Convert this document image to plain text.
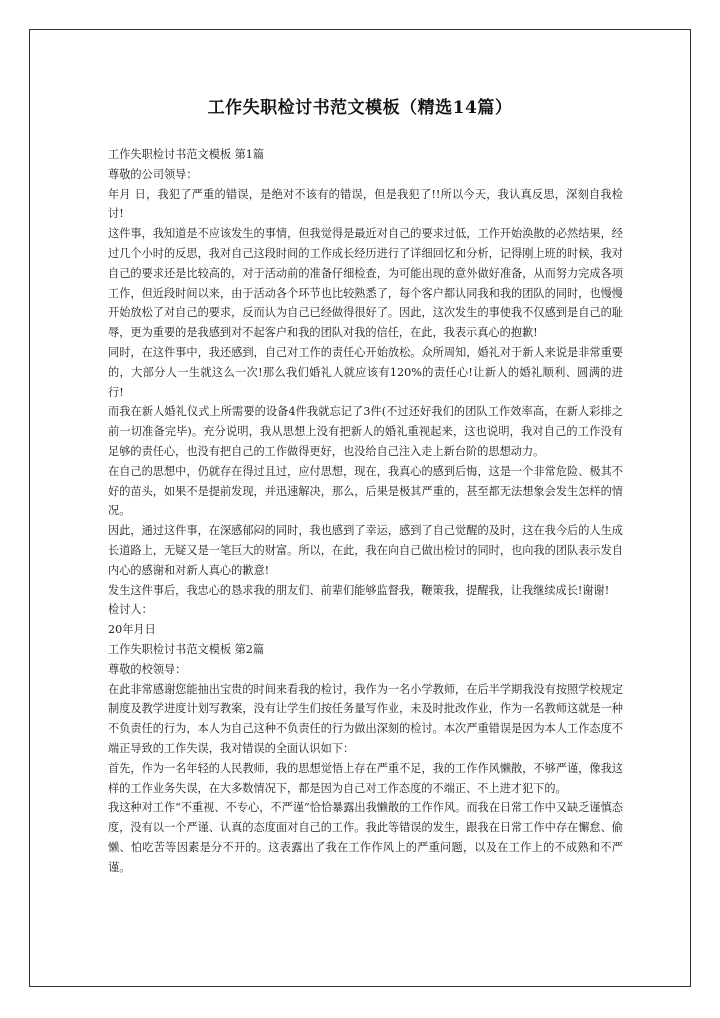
工作失职检讨书范文模板（精选14篇）

工作失职检讨书范文模板 第1篇

尊敬的公司领导：

年月 日，我犯了严重的错误，是绝对不该有的错误，但是我犯了!!所以今天，我认真反思，深刻自我检讨!

这件事，我知道是不应该发生的事情，但我觉得是最近对自己的要求过低，工作开始涣散的必然结果，经过几个小时的反思，我对自己这段时间的工作成长经历进行了详细回忆和分析，记得刚上班的时候，我对自己的要求还是比较高的，对于活动前的准备仔细检查，为可能出现的意外做好准备，从而努力完成各项工作，但近段时间以来，由于活动各个环节也比较熟悉了，每个客户都认同我和我的团队的同时，也慢慢开始放松了对自己的要求，反而认为自己已经做得很好了。因此，这次发生的事使我不仅感到是自己的耻辱，更为重要的是我感到对不起客户和我的团队对我的信任，在此，我表示真心的抱歉!

同时，在这件事中，我还感到，自己对工作的责任心开始放松。众所周知，婚礼对于新人来说是非常重要的，大部分人一生就这么一次!那么我们婚礼人就应该有120%的责任心!让新人的婚礼顺利、圆满的进行!

而我在新人婚礼仪式上所需要的设备4件我就忘记了3件(不过还好我们的团队工作效率高，在新人彩排之前一切准备完毕)。充分说明，我从思想上没有把新人的婚礼重视起来，这也说明，我对自己的工作没有足够的责任心，也没有把自己的工作做得更好，也没给自己注入走上新台阶的思想动力。

在自己的思想中，仍就存在得过且过，应付思想，现在，我真心的感到后悔，这是一个非常危险、极其不好的苗头，如果不是提前发现，并迅速解决，那么，后果是极其严重的，甚至都无法想象会发生怎样的情况。

因此，通过这件事，在深感郁闷的同时，我也感到了幸运，感到了自己觉醒的及时，这在我今后的人生成长道路上，无疑又是一笔巨大的财富。所以，在此，我在向自己做出检讨的同时，也向我的团队表示发自内心的感谢和对新人真心的歉意!

发生这件事后，我忠心的恳求我的朋友们、前辈们能够监督我，鞭策我，提醒我，让我继续成长!谢谢!

检讨人：

20年月日

工作失职检讨书范文模板 第2篇

尊敬的校领导：

在此非常感谢您能抽出宝贵的时间来看我的检讨，我作为一名小学教师，在后半学期我没有按照学校规定制度及教学进度计划写教案，没有让学生们按任务量写作业，未及时批改作业，作为一名教师这就是一种不负责任的行为，本人为自己这种不负责任的行为做出深刻的检讨。本次严重错误是因为本人工作态度不端正导致的工作失误，我对错误的全面认识如下：

首先，作为一名年轻的人民教师，我的思想觉悟上存在严重不足，我的工作作风懒散，不够严谨，像我这样的工作业务失误，在大多数情况下，都是因为自己对工作态度的不端正、不上进才犯下的。

我这种对工作“不重视、不专心，不严谨”恰恰暴露出我懒散的工作作风。而我在日常工作中又缺乏谨慎态度，没有以一个严谨、认真的态度面对自己的工作。我此等错误的发生，跟我在日常工作中存在懈怠、偷懒、怕吃苦等因素是分不开的。这表露出了我在工作作风上的严重问题，以及在工作上的不成熟和不严谨。
